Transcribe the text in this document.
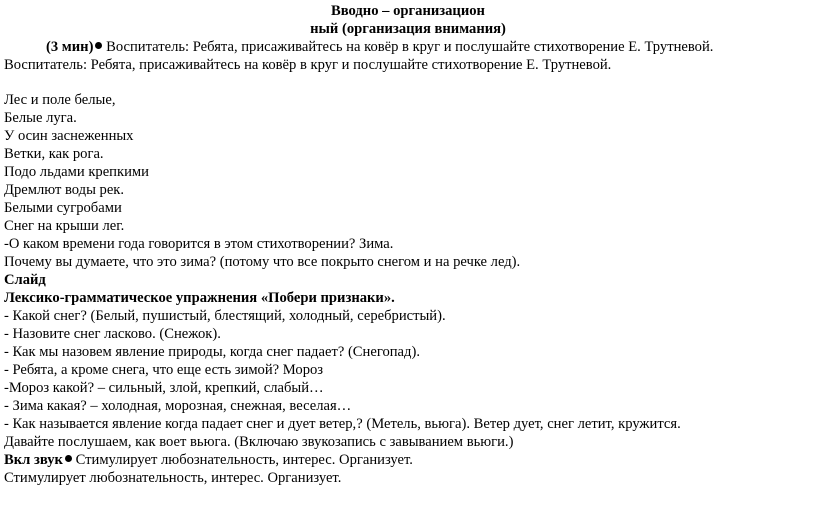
Вводно – организацион
ный (организация внимания)
(3 мин) Воспитатель: Ребята, присаживайтесь на ковёр в круг и послушайте стихотворение Е. Трутневой.
Воспитатель: Ребята, присаживайтесь на ковёр в круг и послушайте стихотворение Е. Трутневой.
Лес и поле белые,
Белые луга.
У осин заснеженных
Ветки, как рога.
Подо льдами крепкими
Дремлют воды рек.
Белыми сугробами
Снег на крыши лег.
-О каком времени года говорится в этом стихотворении? Зима.
Почему вы думаете, что это зима? (потому что все покрыто снегом и на речке лед).
Слайд
Лексико-грамматическое упражнения «Побери признаки».
- Какой снег? (Белый, пушистый, блестящий, холодный, серебристый).
- Назовите снег ласково. (Снежок).
- Как мы назовем явление природы, когда снег падает? (Снегопад).
- Ребята, а кроме снега, что еще есть зимой? Мороз
-Мороз какой? – сильный, злой, крепкий, слабый…
- Зима какая? – холодная, морозная, снежная, веселая…
- Как называется явление когда падает снег и дует ветер,? (Метель, вьюга). Ветер дует, снег летит, кружится.
Давайте послушаем, как воет вьюга. (Включаю звукозапись с завыванием вьюги.)
Вкл звук Стимулирует любознательность, интерес. Организует.
Стимулирует любознательность, интерес. Организует.
